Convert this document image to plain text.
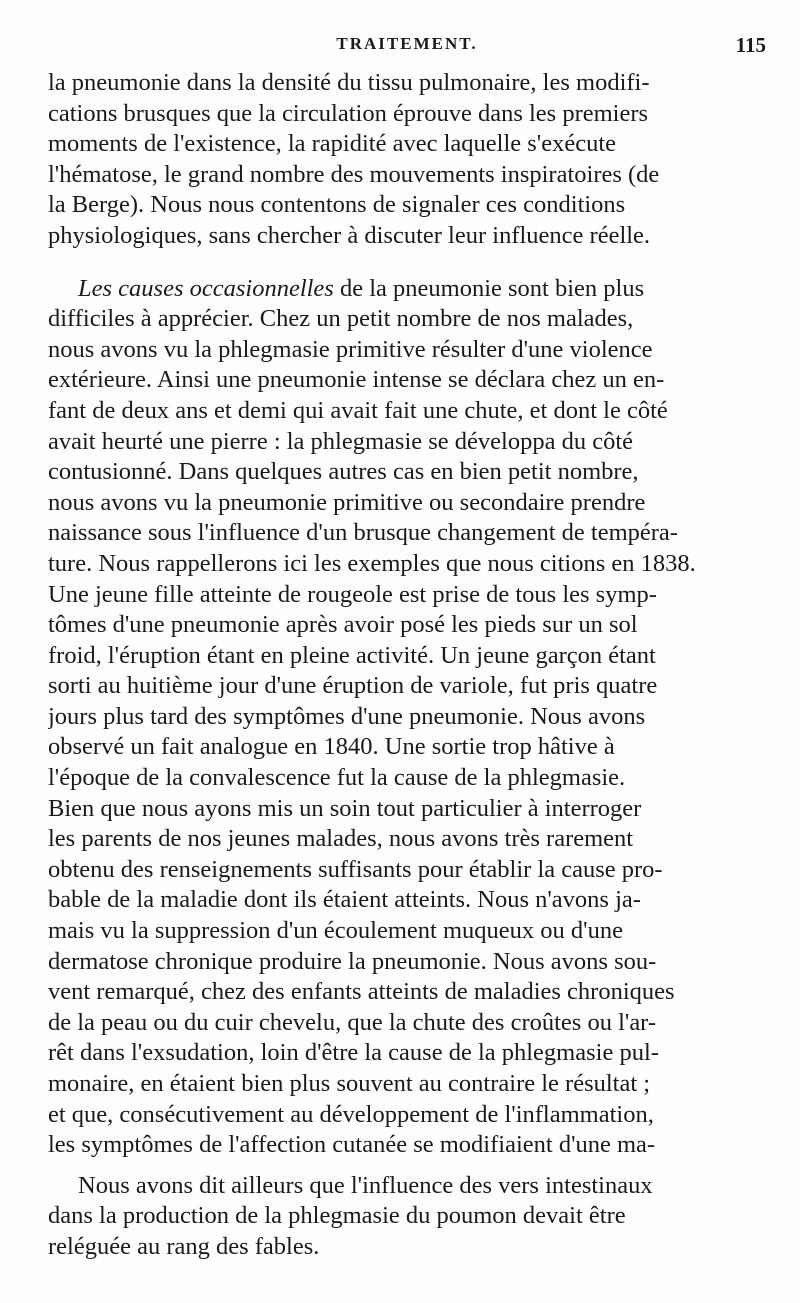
TRAITEMENT.	115
la pneumonie dans la densité du tissu pulmonaire, les modifi-
cations brusques que la circulation éprouve dans les premiers
moments de l'existence, la rapidité avec laquelle s'exécute
l'hématose, le grand nombre des mouvements inspiratoires (de
la Berge). Nous nous contentons de signaler ces conditions
physiologiques, sans chercher à discuter leur influence réelle.
Les causes occasionnelles de la pneumonie sont bien plus
difficiles à apprécier. Chez un petit nombre de nos malades,
nous avons vu la phlegmasie primitive résulter d'une violence
extérieure. Ainsi une pneumonie intense se déclara chez un en-
fant de deux ans et demi qui avait fait une chute, et dont le côté
avait heurté une pierre : la phlegmasie se développa du côté
contusionné. Dans quelques autres cas en bien petit nombre,
nous avons vu la pneumonie primitive ou secondaire prendre
naissance sous l'influence d'un brusque changement de tempéra-
ture. Nous rappellerons ici les exemples que nous citions en 1838.
Une jeune fille atteinte de rougeole est prise de tous les symp-
tômes d'une pneumonie après avoir posé les pieds sur un sol
froid, l'éruption étant en pleine activité. Un jeune garçon étant
sorti au huitième jour d'une éruption de variole, fut pris quatre
jours plus tard des symptômes d'une pneumonie. Nous avons
observé un fait analogue en 1840. Une sortie trop hâtive à
l'époque de la convalescence fut la cause de la phlegmasie.
Bien que nous ayons mis un soin tout particulier à interroger
les parents de nos jeunes malades, nous avons très rarement
obtenu des renseignements suffisants pour établir la cause pro-
bable de la maladie dont ils étaient atteints. Nous n'avons ja-
mais vu la suppression d'un écoulement muqueux ou d'une
dermatose chronique produire la pneumonie. Nous avons sou-
vent remarqué, chez des enfants atteints de maladies chroniques
de la peau ou du cuir chevelu, que la chute des croûtes ou l'ar-
rêt dans l'exsudation, loin d'être la cause de la phlegmasie pul-
monaire, en étaient bien plus souvent au contraire le résultat ;
et que, consécutivement au développement de l'inflammation,
les symptômes de l'affection cutanée se modifiaient d'une ma-
Nous avons dit ailleurs que l'influence des vers intestinaux
dans la production de la phlegmasie du poumon devait être
reléguée au rang des fables.
